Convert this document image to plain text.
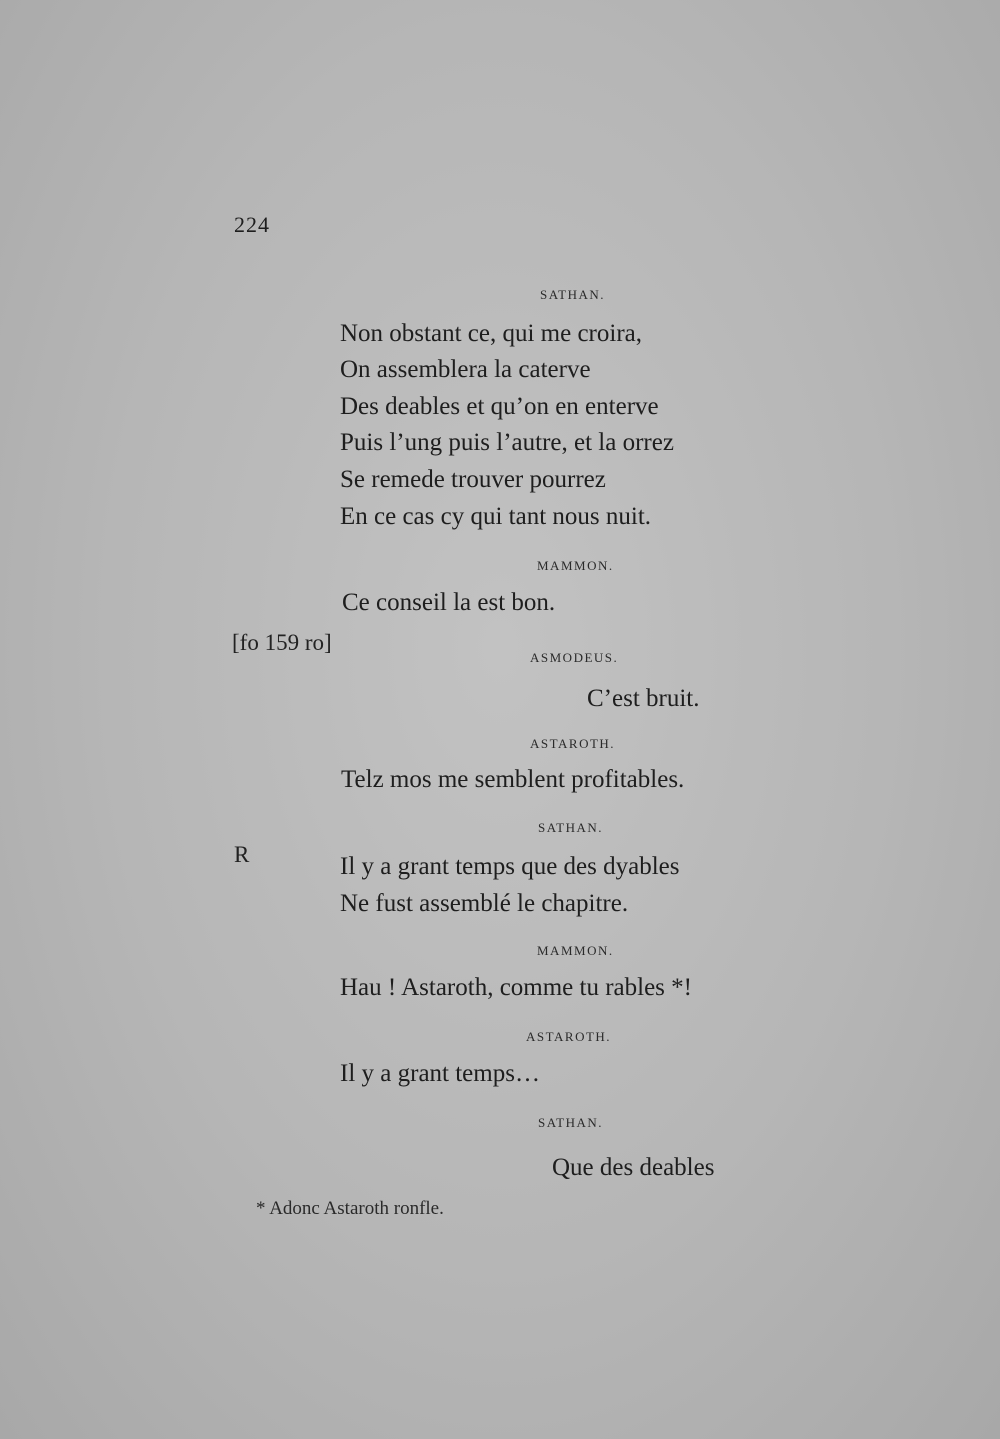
224
SATHAN.
Non obstant ce, qui me croira,
On assemblera la caterve
Des deables et qu’on en enterve
Puis l’ung puis l’autre, et la orrez
Se remede trouver pourrez
En ce cas cy qui tant nous nuit.
MAMMON.
Ce conseil la est bon.
[fo 159 ro]
ASMODEUS.
C’est bruit.
ASTAROTH.
Telz mos me semblent profitables.
SATHAN.
R	Il y a grant temps que des dyables
Ne fust assemblé le chapitre.
MAMMON.
Hau ! Astaroth, comme tu rables *!
ASTAROTH.
Il y a grant temps…
SATHAN.
Que des deables
* Adonc Astaroth ronfle.
